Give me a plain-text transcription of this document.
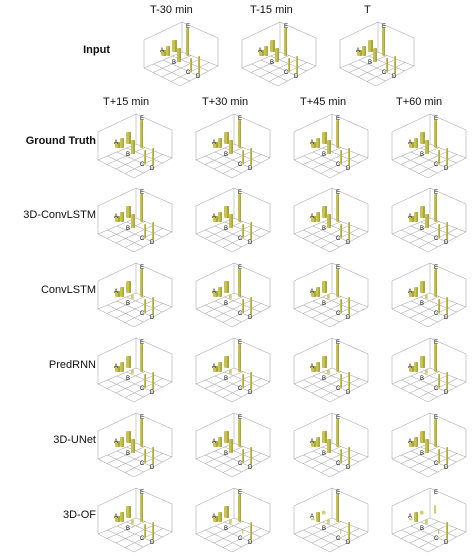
T-30 min	T-15 min	T
Input
T+15 min	T+30 min	T+45 min	T+60 min
Ground Truth
3D-ConvLSTM
ConvLSTM
PredRNN
3D-UNet
3D-OF
A
B
C
D
E
A
B
C
D
E
A
B
C
D
E
A
B
C
D
E
A
B
C
D
E
A
B
C
D
E
A
B
C
D
E
A
B
C
D
E
A
B
C
D
E
A
B
C
D
E
A
B
C
D
E
A
B
C
D
E
A
B
C
D
E
A
B
C
D
E
A
B
C
D
E
A
B
C
D
E
A
B
C
D
E
A
B
C
D
E
A
B
C
D
E
A
B
C
D
E
A
B
C
D
E
A
B
C
D
E
A
B
C
D
E
A
B
C
D
E
A
B
C
D
E
A
B
C
D
E
A
B
C
D
E
